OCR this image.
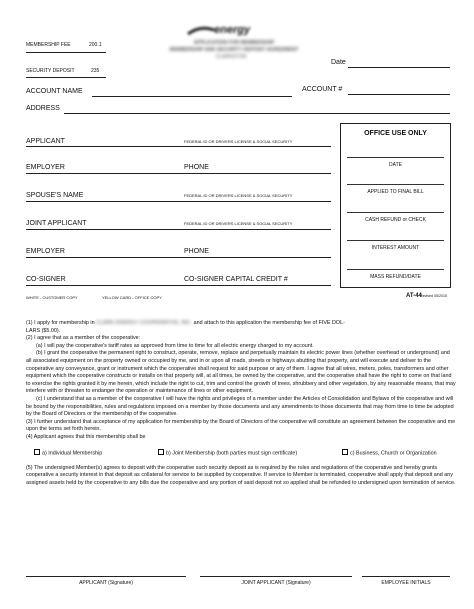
energy
APPLICATION FOR MEMBERSHIP
MEMBERSHIP AND SECURITY DEPOSIT AGREEMENT
CLARKSTON
MEMBERSHIP FEE	200.1
SECURITY DEPOSIT	235
Date
ACCOUNT NAME	ACCOUNT #
ADDRESS
APPLICANT	FEDERAL ID OR DRIVERS LICENSE & SOCIAL SECURITY
EMPLOYER	PHONE
SPOUSE'S NAME	FEDERAL ID OR DRIVERS LICENSE & SOCIAL SECURITY
JOINT APPLICANT	FEDERAL ID OR DRIVERS LICENSE & SOCIAL SECURITY
EMPLOYER	PHONE
CO-SIGNER	CO-SIGNER CAPITAL CREDIT #
OFFICE USE ONLY
DATE
APPLIED TO FINAL BILL
CASH REFUND or CHECK
INTEREST AMOUNT
MASS REFUND/DATE
WHITE - CUSTOMER COPY	YELLOW CARD - OFFICE COPY	AT-44
Revised 05/2015
(1) I apply for membership in CLARK ENERGY COOPERATIVE, INC. and attach to this application the membership fee of FIVE DOL-
LARS ($5.00).
(2) I agree that as a member of the cooperative:
(a) I will pay the cooperative's tariff rates as approved from time to time for all electric energy charged to my account.
(b) I grant the cooperative the permanent right to construct, operate, remove, replace and perpetually maintain its electric power lines (whether overhead or underground) and all associated equipment on the property owned or occupied by me, and in or upon all roads, streets or highways abutting that property, and will execute and deliver to the cooperative any conveyance, grant or instrument which the cooperative shall request for said purpose or any of them. I agree that all wires, meters, poles, transformers and other equipment which the cooperative constructs or installs on that property will, at all times, be owned by the cooperative, and the cooperative shall have the right to come on that land to exercise the rights granted it by me herein, which include the right to cut, trim and control the growth of trees, shrubbery and other vegetation, by any reasonable means, that may interfere with or threaten to endanger the operation or maintenance of lines or other equipment.
(c) I understand that as a member of the cooperative I will have the rights and privileges of a member under the Articles of Consolidation and Bylaws of the cooperative and will be bound by the responsibilities, rules and regulations imposed on a member by those documents and any amendments to those documents that may from time to time be adopted by the Board of Directors or the membership of the cooperative.
(3) I further understand that acceptance of my application for membership by the Board of Directors of the cooperative will constitute an agreement between the cooperative and me upon the terms set forth herein.
(4) Applicant agrees that this membership shall be
a) Individual Membership	b) Joint Membership (both parties must sign certificate)	c) Business, Church or Organization
(5) The undersigned Member(s) agrees to deposit with the cooperative such security deposit as is required by the rules and regulations of the cooperative and hereby grants cooperative a security interest in that deposit as collateral for service to be supplied by cooperative. If service to Member is terminated, cooperative shall apply that deposit and any assigned assets held by the cooperative to any bills due the cooperative and any portion of said deposit not so applied shall be refunded to undersigned upon termination of service.
APPLICANT (Signature)	JOINT APPLICANT (Signature)	EMPLOYEE INITIALS
